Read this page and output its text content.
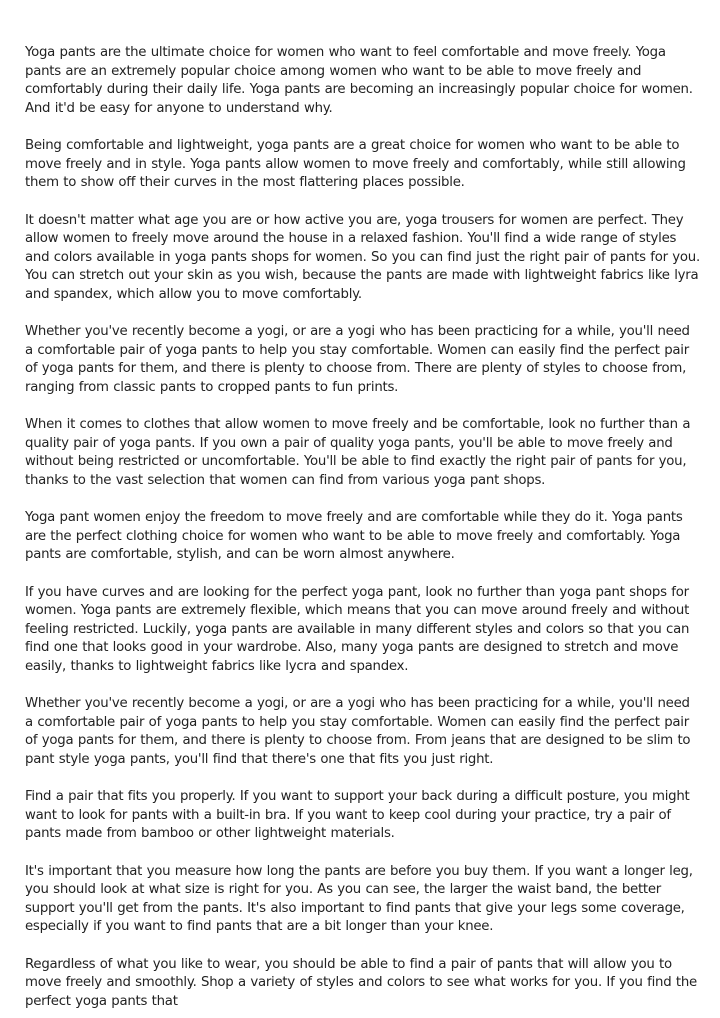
Yoga pants are the ultimate choice for women who want to feel comfortable and move freely. Yoga pants are an extremely popular choice among women who want to be able to move freely and comfortably during their daily life. Yoga pants are becoming an increasingly popular choice for women. And it'd be easy for anyone to understand why.

Being comfortable and lightweight, yoga pants are a great choice for women who want to be able to move freely and in style. Yoga pants allow women to move freely and comfortably, while still allowing them to show off their curves in the most flattering places possible.

It doesn't matter what age you are or how active you are, yoga trousers for women are perfect. They allow women to freely move around the house in a relaxed fashion. You'll find a wide range of styles and colors available in yoga pants shops for women. So you can find just the right pair of pants for you. You can stretch out your skin as you wish, because the pants are made with lightweight fabrics like lyra and spandex, which allow you to move comfortably.

Whether you've recently become a yogi, or are a yogi who has been practicing for a while, you'll need a comfortable pair of yoga pants to help you stay comfortable. Women can easily find the perfect pair of yoga pants for them, and there is plenty to choose from. There are plenty of styles to choose from, ranging from classic pants to cropped pants to fun prints.

When it comes to clothes that allow women to move freely and be comfortable, look no further than a quality pair of yoga pants. If you own a pair of quality yoga pants, you'll be able to move freely and without being restricted or uncomfortable. You'll be able to find exactly the right pair of pants for you, thanks to the vast selection that women can find from various yoga pant shops.

Yoga pant women enjoy the freedom to move freely and are comfortable while they do it. Yoga pants are the perfect clothing choice for women who want to be able to move freely and comfortably. Yoga pants are comfortable, stylish, and can be worn almost anywhere.

If you have curves and are looking for the perfect yoga pant, look no further than yoga pant shops for women. Yoga pants are extremely flexible, which means that you can move around freely and without feeling restricted. Luckily, yoga pants are available in many different styles and colors so that you can find one that looks good in your wardrobe. Also, many yoga pants are designed to stretch and move easily, thanks to lightweight fabrics like lycra and spandex.

Whether you've recently become a yogi, or are a yogi who has been practicing for a while, you'll need a comfortable pair of yoga pants to help you stay comfortable. Women can easily find the perfect pair of yoga pants for them, and there is plenty to choose from. From jeans that are designed to be slim to pant style yoga pants, you'll find that there's one that fits you just right.

Find a pair that fits you properly. If you want to support your back during a difficult posture, you might want to look for pants with a built-in bra. If you want to keep cool during your practice, try a pair of pants made from bamboo or other lightweight materials.

It's important that you measure how long the pants are before you buy them. If you want a longer leg, you should look at what size is right for you. As you can see, the larger the waist band, the better support you'll get from the pants. It's also important to find pants that give your legs some coverage, especially if you want to find pants that are a bit longer than your knee.

Regardless of what you like to wear, you should be able to find a pair of pants that will allow you to move freely and smoothly. Shop a variety of styles and colors to see what works for you. If you find the perfect yoga pants that
